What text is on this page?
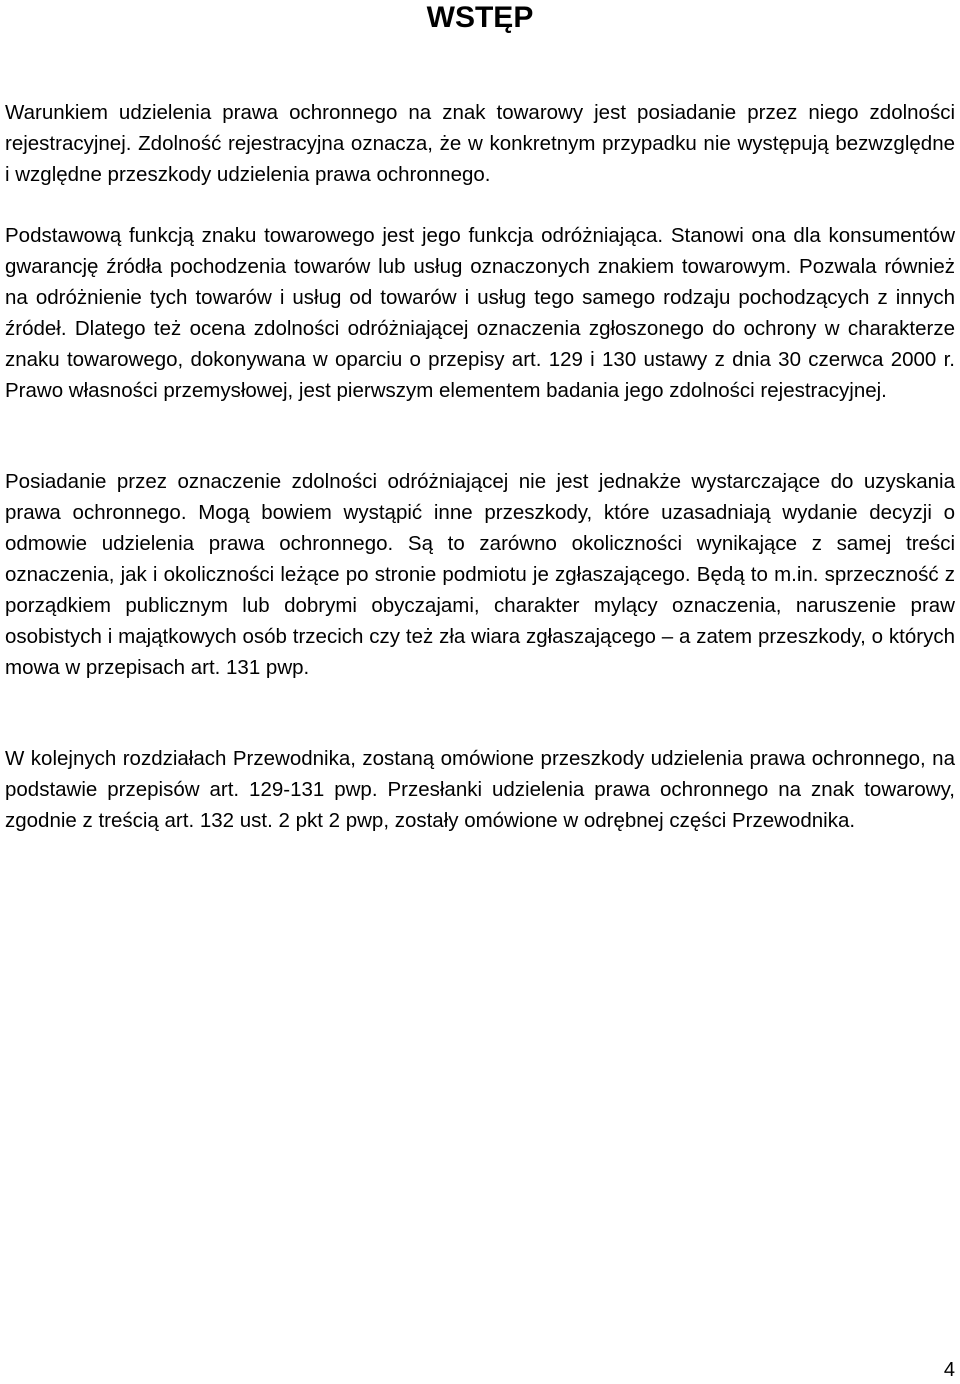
WSTĘP

Warunkiem udzielenia prawa ochronnego na znak towarowy jest posiadanie przez niego zdolności rejestracyjnej. Zdolność rejestracyjna oznacza, że w konkretnym przypadku nie występują bezwzględne i względne przeszkody udzielenia prawa ochronnego.

Podstawową funkcją znaku towarowego jest jego funkcja odróżniająca. Stanowi ona dla konsumentów gwarancję źródła pochodzenia towarów lub usług oznaczonych znakiem towarowym. Pozwala również na odróżnienie tych towarów i usług od towarów i usług tego samego rodzaju pochodzących z innych źródeł. Dlatego też ocena zdolności odróżniającej oznaczenia zgłoszonego do ochrony w charakterze znaku towarowego, dokonywana w oparciu o przepisy art. 129 i 130 ustawy z dnia 30 czerwca 2000 r. Prawo własności przemysłowej, jest pierwszym elementem badania jego zdolności rejestracyjnej.

Posiadanie przez oznaczenie zdolności odróżniającej nie jest jednakże wystarczające do uzyskania prawa ochronnego. Mogą bowiem wystąpić inne przeszkody, które uzasadniają wydanie decyzji o odmowie udzielenia prawa ochronnego. Są to zarówno okoliczności wynikające z samej treści oznaczenia, jak i okoliczności leżące po stronie podmiotu je zgłaszającego. Będą to m.in. sprzeczność z porządkiem publicznym lub dobrymi obyczajami, charakter mylący oznaczenia, naruszenie praw osobistych i majątkowych osób trzecich czy też zła wiara zgłaszającego – a zatem przeszkody, o których mowa w przepisach art. 131 pwp.

W kolejnych rozdziałach Przewodnika, zostaną omówione przeszkody udzielenia prawa ochronnego, na podstawie przepisów art. 129-131 pwp. Przesłanki udzielenia prawa ochronnego na znak towarowy, zgodnie z treścią art. 132 ust. 2 pkt 2 pwp, zostały omówione w odrębnej części Przewodnika.

4
